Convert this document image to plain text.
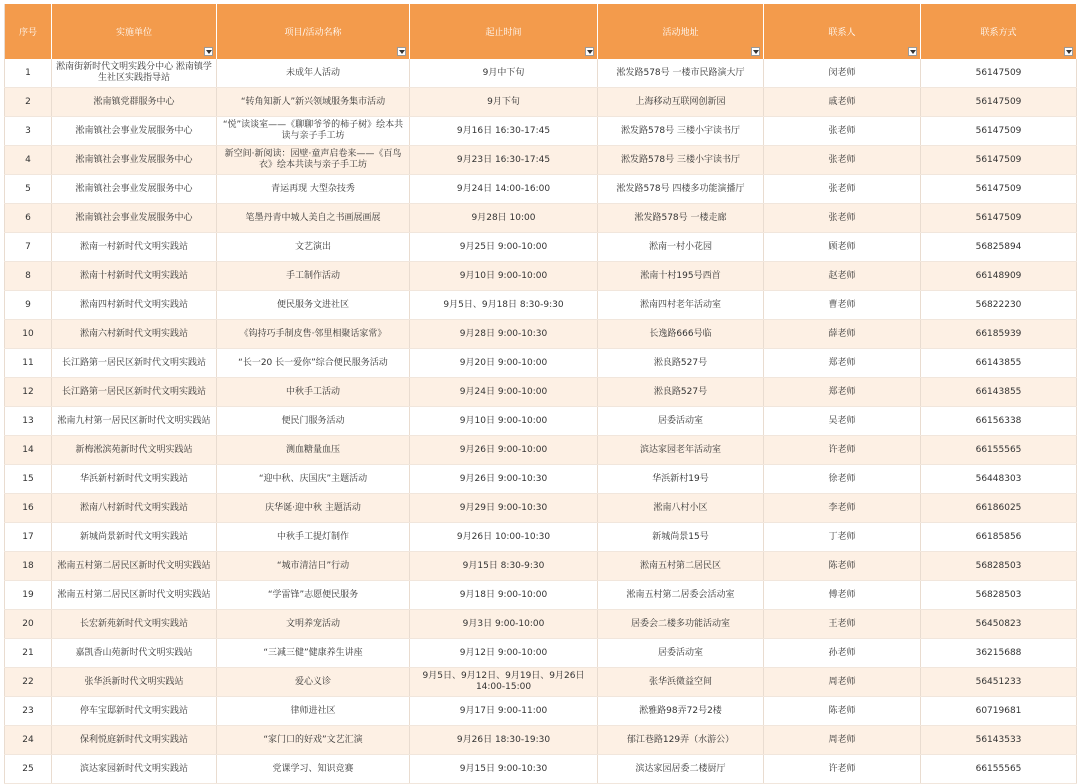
序号	实施单位	项目/活动名称	起止时间	活动地址	联系人	联系方式

1	淞南街新时代文明实践分中心 淞南镇学生社区实践指导站	未成年人活动	9月中下旬	淞发路578号 一楼市民路演大厅	闵老师	56147509
2	淞南镇党群服务中心	“转角知新人”新兴领域服务集市活动	9月下旬	上海移动互联网创新园	戚老师	56147509
3	淞南镇社会事业发展服务中心	“悦”读谈室——《聊聊爷爷的柿子树》绘本共读与亲子手工坊	9月16日 16:30-17:45	淞发路578号 三楼小宇读书厅	张老师	56147509
4	淞南镇社会事业发展服务中心	新空间·新阅读：园壁·童声启卷来——《百鸟衣》绘本共读与亲子手工坊	9月23日 16:30-17:45	淞发路578号 三楼小宇读书厅	张老师	56147509
5	淞南镇社会事业发展服务中心	青运再现 大型杂技秀	9月24日 14:00-16:00	淞发路578号 四楼多功能演播厅	张老师	56147509
6	淞南镇社会事业发展服务中心	笔墨丹青中城人美自之书画展画展	9月28日 10:00	淞发路578号 一楼走廊	张老师	56147509
7	淞南一村新时代文明实践站	文艺演出	9月25日 9:00-10:00	淞南一村小花园	顾老师	56825894
8	淞南十村新时代文明实践站	手工制作活动	9月10日 9:00-10:00	淞南十村195号西首	赵老师	66148909
9	淞南四村新时代文明实践站	便民服务文进社区	9月5日、9月18日 8:30-9:30	淞南四村老年活动室	曹老师	56822230
10	淞南六村新时代文明实践站	《钩持巧手制皮售·邻里相聚话家常》	9月28日 9:00-10:30	长逸路666号临	薛老师	66185939
11	长江路第一居民区新时代文明实践站	“长一20 长一爱你”综合便民服务活动	9月20日 9:00-10:00	淞良路527号	郑老师	66143855
12	长江路第一居民区新时代文明实践站	中秋手工活动	9月24日 9:00-10:00	淞良路527号	郑老师	66143855
13	淞南九村第一居民区新时代文明实践站	便民门服务活动	9月10日 9:00-10:00	居委活动室	吴老师	66156338
14	新梅淞滨苑新时代文明实践站	测血糖量血压	9月26日 9:00-10:00	滨达家园老年活动室	许老师	66155565
15	华浜新村新时代文明实践站	“迎中秋、庆国庆”主题活动	9月26日 9:00-10:30	华浜新村19号	徐老师	56448303
16	淞南八村新时代文明实践站	庆华诞·迎中秋 主题活动	9月29日 9:00-10:30	淞南八村小区	李老师	66186025
17	新城尚景新时代文明实践站	中秋手工提灯制作	9月26日 10:00-10:30	新城尚景15号	丁老师	66185856
18	淞南五村第二居民区新时代文明实践站	“城市清洁日”行动	9月15日 8:30-9:30	淞南五村第二居民区	陈老师	56828503
19	淞南五村第二居民区新时代文明实践站	“学雷锋”志愿便民服务	9月18日 9:00-10:00	淞南五村第二居委会活动室	傅老师	56828503
20	长宏新苑新时代文明实践站	文明养宠活动	9月3日 9:00-10:00	居委会二楼多功能活动室	王老师	56450823
21	嘉凯香山苑新时代文明实践站	“三减三健”健康养生讲座	9月12日 9:00-10:00	居委活动室	孙老师	36215688
22	张华浜新时代文明实践站	爱心义诊	9月5日、9月12日、9月19日、9月26日 14:00-15:00	张华浜微益空间	周老师	56451233
23	停车宝邸新时代文明实践站	律师进社区	9月17日 9:00-11:00	淞雅路98弄72号2楼	陈老师	60719681
24	保利悦庭新时代文明实践站	“家门口的好戏”文艺汇演	9月26日 18:30-19:30	郁江巷路129弄（水游公）	周老师	56143533
25	滨达家园新时代文明实践站	党课学习、知识竞赛	9月15日 9:00-10:30	滨达家园居委二楼厨厅	许老师	66155565
